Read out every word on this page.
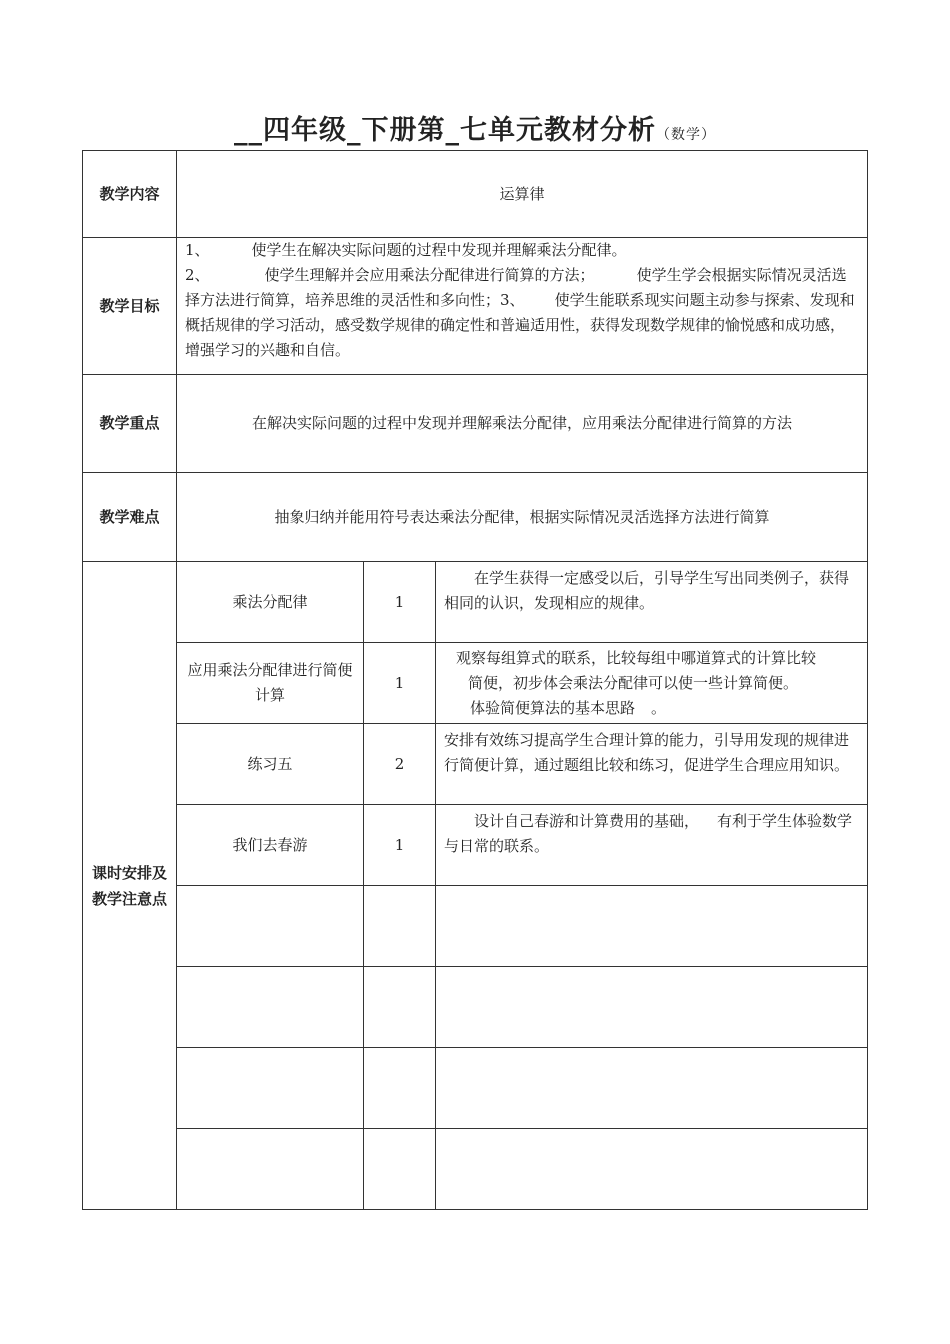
__四年级_下册第_七单元教材分析（数学）
教学内容	运算律		
教学目标	1、 使学生在解决实际问题的过程中发现并理解乘法分配律。
2、 使学生理解并会应用乘法分配律进行简算的方法； 使学生学会根据实际情况灵活选择方法进行简算，培养思维的灵活性和多向性；3、 使学生能联系现实问题主动参与探索、发现和概括规律的学习活动，感受数学规律的确定性和普遍适用性，获得发现数学规律的愉悦感和成功感，增强学习的兴趣和自信。		
教学重点	在解决实际问题的过程中发现并理解乘法分配律，应用乘法分配律进行简算的方法		
教学难点	抽象归纳并能用符号表达乘法分配律，根据实际情况灵活选择方法进行简算		
课时安排及教学注意点	乘法分配律	1	在学生获得一定感受以后，引导学生写出同类例子，获得相同的认识，发现相应的规律。
	应用乘法分配律进行简便计算	1	观察每组算式的联系，比较每组中哪道算式的计算比较
简便，初步体会乘法分配律可以使一些计算简便。
体验简便算法的基本思路 。
	练习五	2	安排有效练习提高学生合理计算的能力，引导用发现的规律进行简便计算，通过题组比较和练习，促进学生合理应用知识。
	我们去春游	1	设计自己春游和计算费用的基础， 有利于学生体验数学与日常的联系。
